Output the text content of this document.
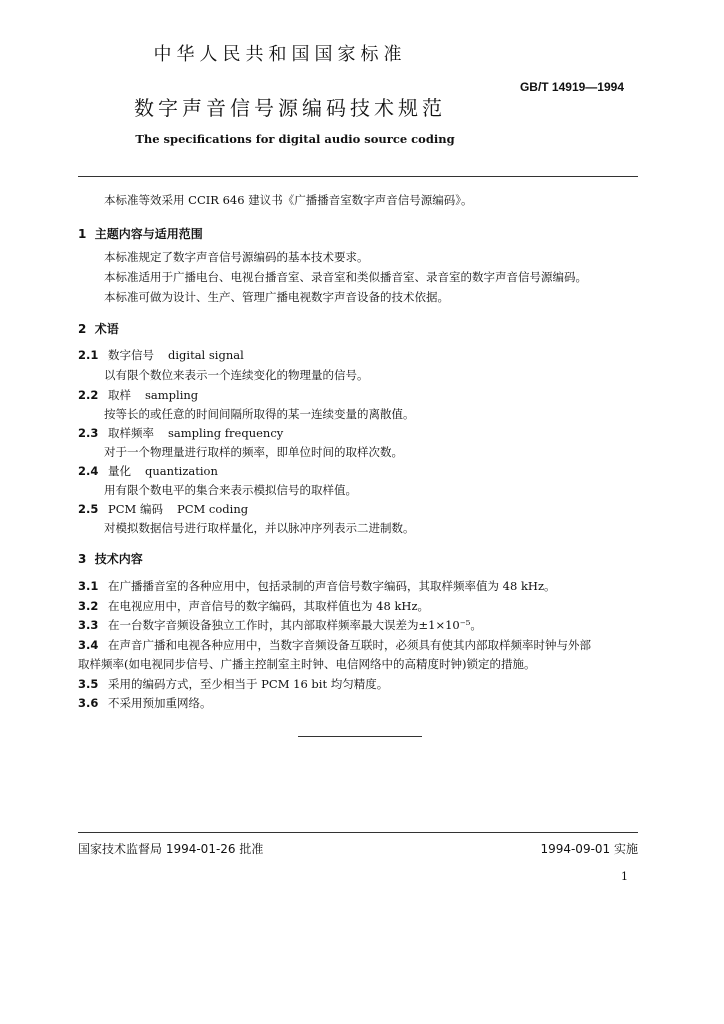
中华人民共和国国家标准
GB/T 14919—1994
数字声音信号源编码技术规范
The specifications for digital audio source coding
本标准等效采用 CCIR 646 建议书《广播播音室数字声音信号源编码》。
1 主题内容与适用范围
本标准规定了数字声音信号源编码的基本技术要求。
本标准适用于广播电台、电视台播音室、录音室和类似播音室、录音室的数字声音信号源编码。
本标准可做为设计、生产、管理广播电视数字声音设备的技术依据。
2 术语
2.1 数字信号 digital signal
以有限个数位来表示一个连续变化的物理量的信号。
2.2 取样 sampling
按等长的或任意的时间间隔所取得的某一连续变量的离散值。
2.3 取样频率 sampling frequency
对于一个物理量进行取样的频率，即单位时间的取样次数。
2.4 量化 quantization
用有限个数电平的集合来表示模拟信号的取样值。
2.5 PCM 编码 PCM coding
对模拟数据信号进行取样量化，并以脉冲序列表示二进制数。
3 技术内容
3.1 在广播播音室的各种应用中，包括录制的声音信号数字编码，其取样频率值为 48 kHz。
3.2 在电视应用中，声音信号的数字编码，其取样值也为 48 kHz。
3.3 在一台数字音频设备独立工作时，其内部取样频率最大误差为±1×10⁻⁵。
3.4 在声音广播和电视各种应用中，当数字音频设备互联时，必须具有使其内部取样频率时钟与外部
取样频率(如电视同步信号、广播主控制室主时钟、电信网络中的高精度时钟)锁定的措施。
3.5 采用的编码方式，至少相当于 PCM 16 bit 均匀精度。
3.6 不采用预加重网络。
国家技术监督局 1994-01-26 批准	1994-09-01 实施
1
